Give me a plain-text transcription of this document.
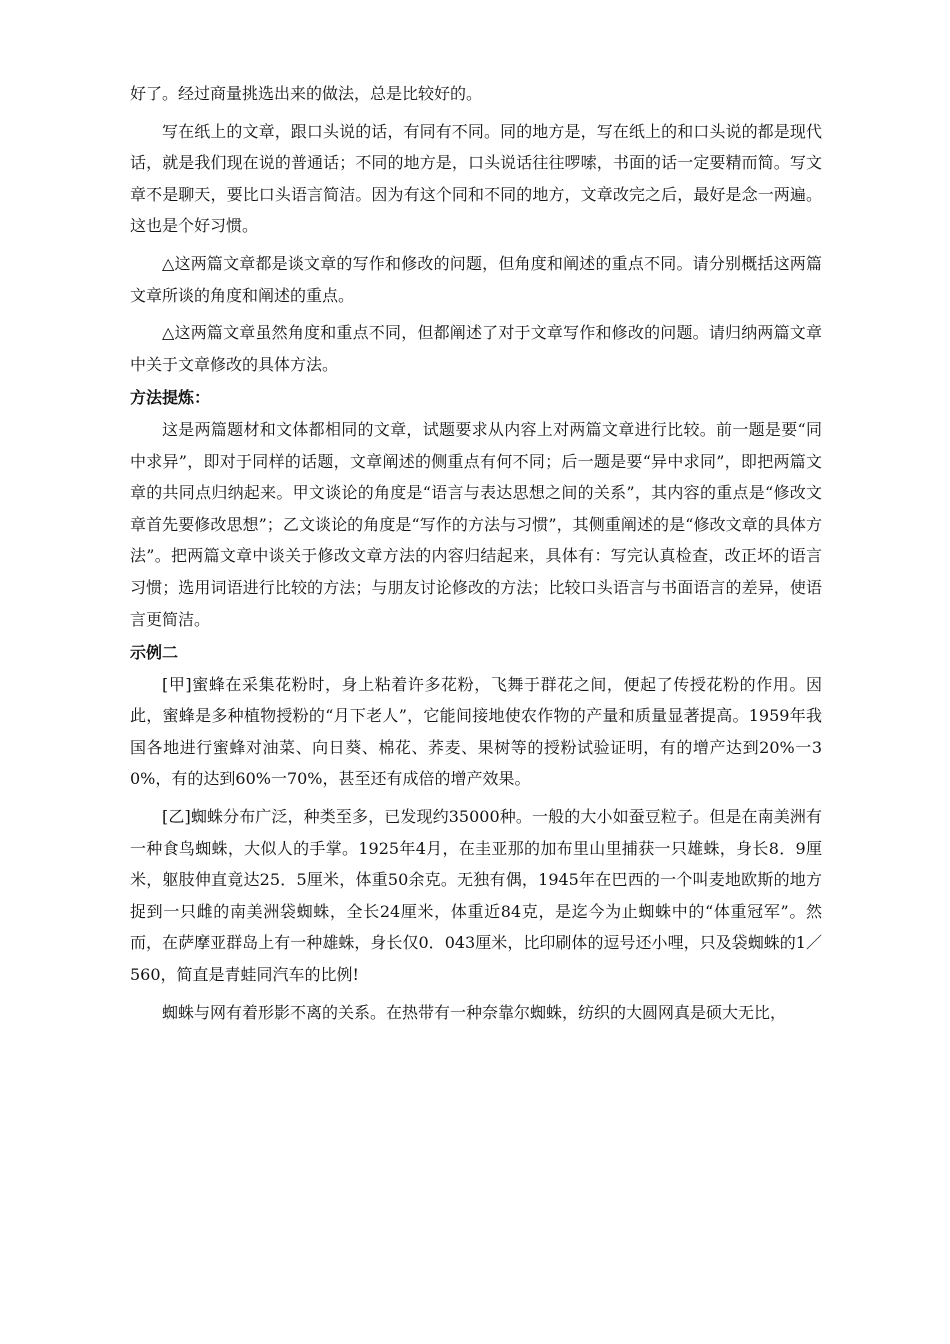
好了。经过商量挑选出来的做法，总是比较好的。

写在纸上的文章，跟口头说的话，有同有不同。同的地方是，写在纸上的和口头说的都是现代话，就是我们现在说的普通话；不同的地方是，口头说话往往啰嗦，书面的话一定要精而简。写文章不是聊天，要比口头语言简洁。因为有这个同和不同的地方，文章改完之后，最好是念一两遍。这也是个好习惯。

△这两篇文章都是谈文章的写作和修改的问题，但角度和阐述的重点不同。请分别概括这两篇文章所谈的角度和阐述的重点。

△这两篇文章虽然角度和重点不同，但都阐述了对于文章写作和修改的问题。请归纳两篇文章中关于文章修改的具体方法。

方法提炼：

这是两篇题材和文体都相同的文章，试题要求从内容上对两篇文章进行比较。前一题是要“同中求异”，即对于同样的话题，文章阐述的侧重点有何不同；后一题是要“异中求同”，即把两篇文章的共同点归纳起来。甲文谈论的角度是“语言与表达思想之间的关系”，其内容的重点是“修改文章首先要修改思想”；乙文谈论的角度是“写作的方法与习惯”，其侧重阐述的是“修改文章的具体方法”。把两篇文章中谈关于修改文章方法的内容归结起来，具体有：写完认真检查，改正坏的语言习惯；选用词语进行比较的方法；与朋友讨论修改的方法；比较口头语言与书面语言的差异，使语言更简洁。

示例二

[甲]蜜蜂在采集花粉时，身上粘着许多花粉，飞舞于群花之间，便起了传授花粉的作用。因此，蜜蜂是多种植物授粉的“月下老人”，它能间接地使农作物的产量和质量显著提高。1959年我国各地进行蜜蜂对油菜、向日葵、棉花、荞麦、果树等的授粉试验证明，有的增产达到20%一30%，有的达到60%一70%，甚至还有成倍的增产效果。

[乙]蜘蛛分布广泛，种类至多，已发现约35000种。一般的大小如蚕豆粒子。但是在南美洲有一种食鸟蜘蛛，大似人的手掌。1925年4月，在圭亚那的加布里山里捕获一只雄蛛，身长8．9厘米，躯肢伸直竟达25．5厘米，体重50余克。无独有偶，1945年在巴西的一个叫麦地欧斯的地方捉到一只雌的南美洲袋蜘蛛，全长24厘米，体重近84克，是迄今为止蜘蛛中的“体重冠军”。然而，在萨摩亚群岛上有一种雄蛛，身长仅0．043厘米，比印刷体的逗号还小哩，只及袋蜘蛛的1／560，简直是青蛙同汽车的比例!

蜘蛛与网有着形影不离的关系。在热带有一种奈靠尔蜘蛛，纺织的大圆网真是硕大无比，
